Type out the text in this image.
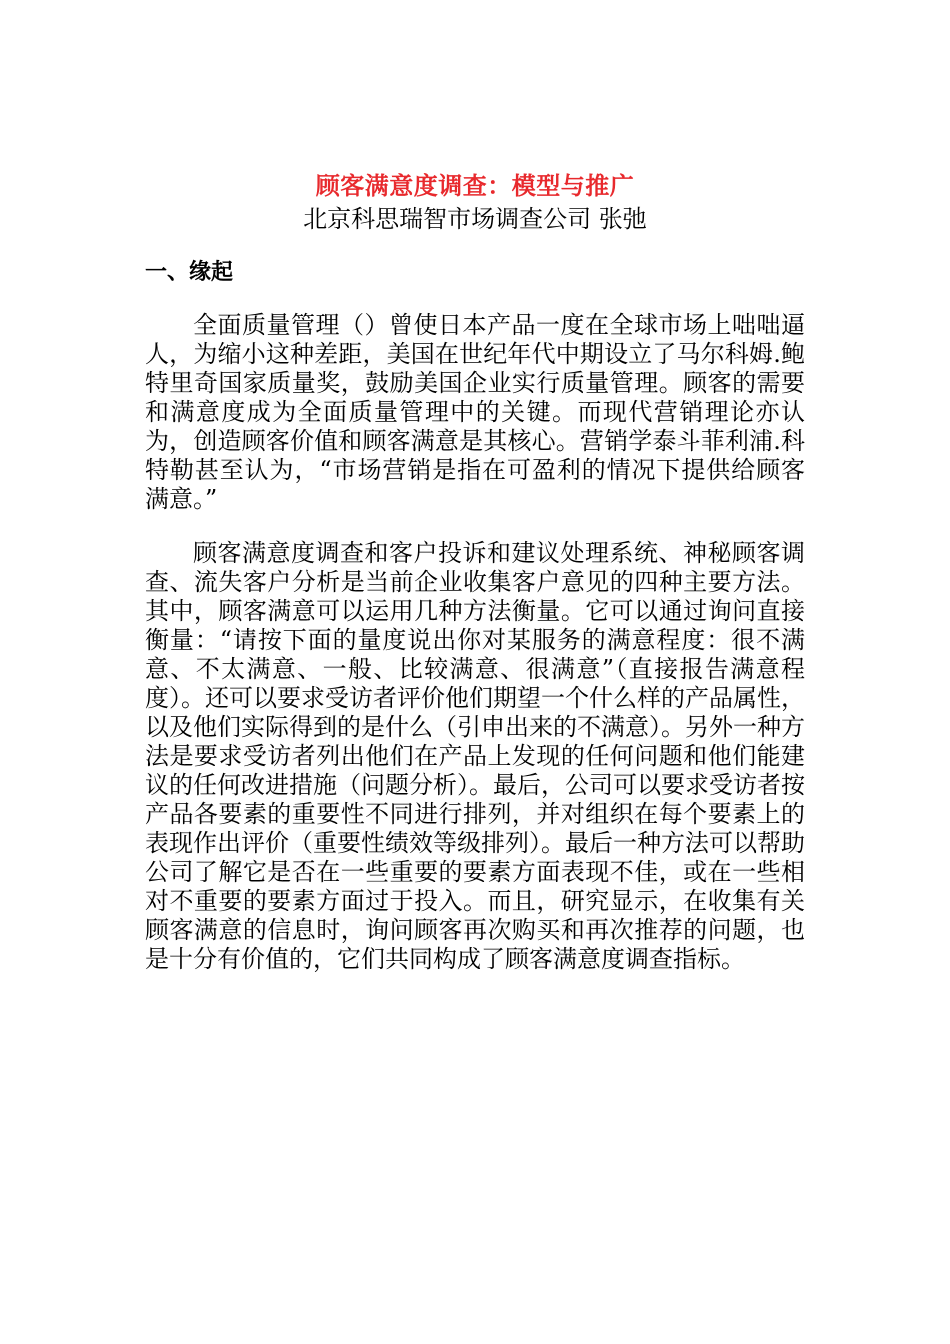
顾客满意度调查：模型与推广
北京科思瑞智市场调查公司 张弛
一、缘起

全面质量管理（）曾使日本产品一度在全球市场上咄咄逼人，为缩小这种差距，美国在世纪年代中期设立了马尔科姆.鲍特里奇国家质量奖，鼓励美国企业实行质量管理。顾客的需要和满意度成为全面质量管理中的关键。而现代营销理论亦认为，创造顾客价值和顾客满意是其核心。营销学泰斗菲利浦.科特勒甚至认为，“市场营销是指在可盈利的情况下提供给顾客满意。”

顾客满意度调查和客户投诉和建议处理系统、神秘顾客调查、流失客户分析是当前企业收集客户意见的四种主要方法。其中，顾客满意可以运用几种方法衡量。它可以通过询问直接衡量：“请按下面的量度说出你对某服务的满意程度：很不满意、不太满意、一般、比较满意、很满意”（直接报告满意程度）。还可以要求受访者评价他们期望一个什么样的产品属性，以及他们实际得到的是什么（引申出来的不满意）。另外一种方法是要求受访者列出他们在产品上发现的任何问题和他们能建议的任何改进措施（问题分析）。最后，公司可以要求受访者按产品各要素的重要性不同进行排列，并对组织在每个要素上的表现作出评价（重要性绩效等级排列）。最后一种方法可以帮助公司了解它是否在一些重要的要素方面表现不佳，或在一些相对不重要的要素方面过于投入。而且，研究显示，在收集有关顾客满意的信息时，询问顾客再次购买和再次推荐的问题，也是十分有价值的，它们共同构成了顾客满意度调查指标。
